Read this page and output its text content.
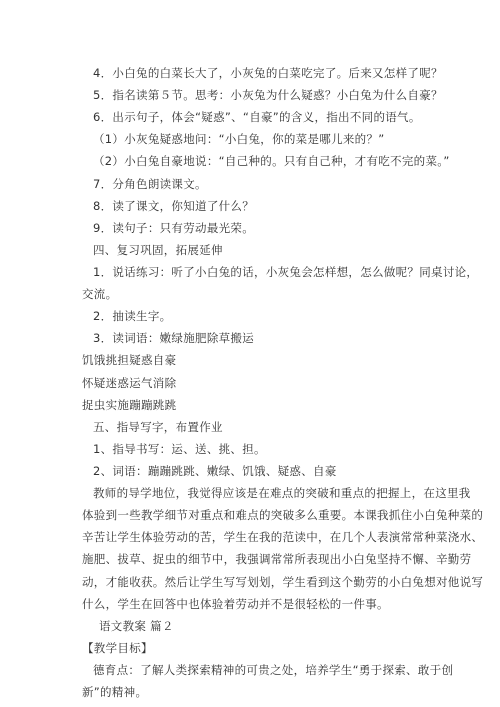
4．小白兔的白菜长大了，小灰兔的白菜吃完了。后来又怎样了呢？
5．指名读第５节。思考：小灰兔为什么疑惑？小白兔为什么自豪？
6．出示句子，体会“疑惑”、“自豪”的含义，指出不同的语气。
（1）小灰兔疑惑地问：“小白兔，你的菜是哪儿来的？”
（2）小白兔自豪地说：“自己种的。只有自己种，才有吃不完的菜。”
7．分角色朗读课文。
8．读了课文，你知道了什么？
9．读句子：只有劳动最光荣。
四、复习巩固，拓展延伸
1．说话练习：听了小白兔的话，小灰兔会怎样想，怎么做呢？同桌讨论，
交流。
2．抽读生字。
3．读词语：嫩绿施肥除草搬运
饥饿挑担疑惑自豪
怀疑迷惑运气消除
捉虫实施蹦蹦跳跳
五、指导写字，布置作业
1、指导书写：运、送、挑、担。
2、词语：蹦蹦跳跳、嫩绿、饥饿、疑惑、自豪
教师的导学地位，我觉得应该是在难点的突破和重点的把握上，在这里我
体验到一些教学细节对重点和难点的突破多么重要。本课我抓住小白兔种菜的
辛苦让学生体验劳动的苦，学生在我的范读中，在几个人表演常常种菜浇水、
施肥、拔草、捉虫的细节中，我强调常常所表现出小白兔坚持不懈、辛勤劳
动，才能收获。然后让学生写写划划，学生看到这个勤劳的小白兔想对他说写
什么，学生在回答中也体验着劳动并不是很轻松的一件事。
语文教案 篇２
【教学目标】
德育点：了解人类探索精神的可贵之处，培养学生“勇于探索、敢于创
新”的精神。
